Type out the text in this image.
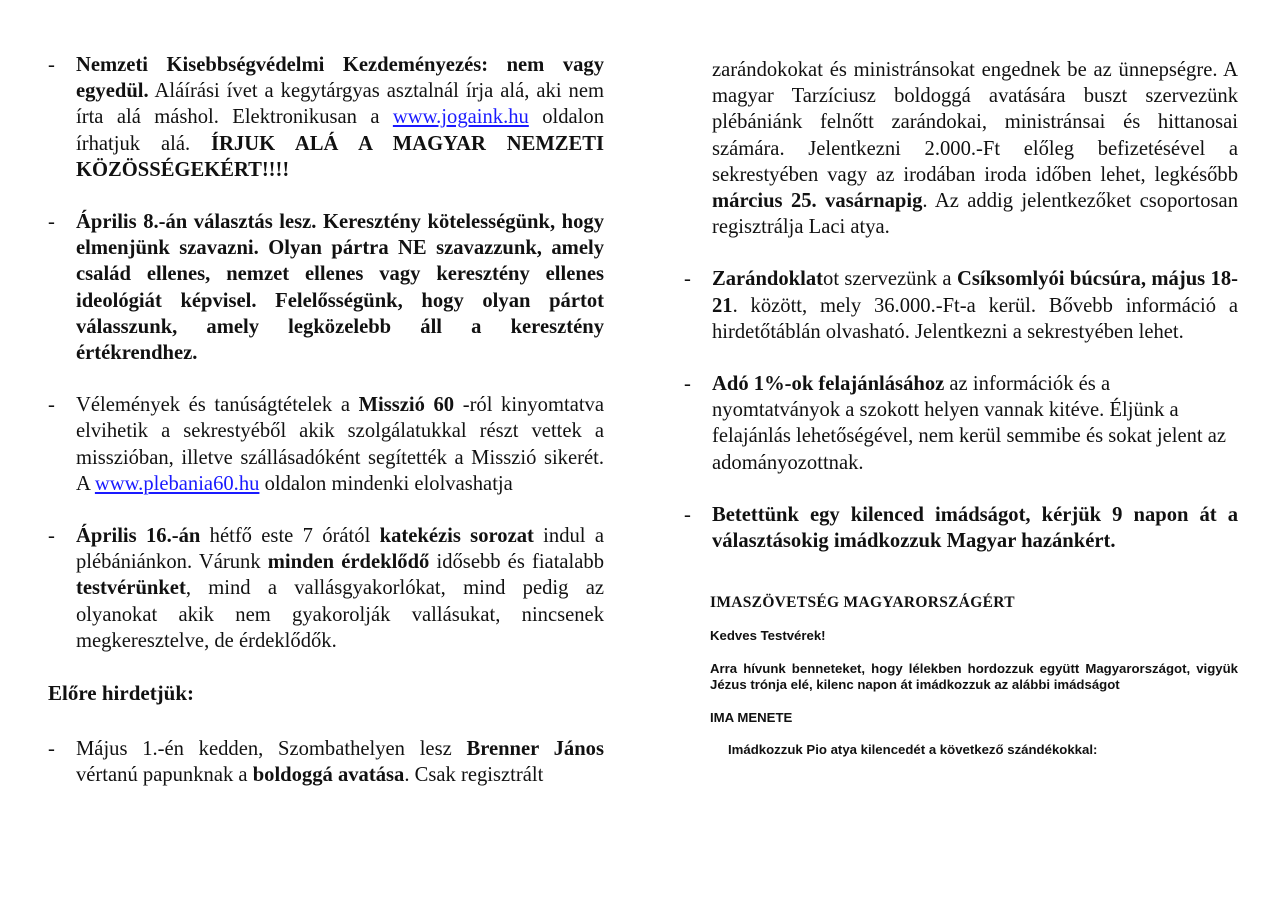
- Nemzeti Kisebbségvédelmi Kezdeményezés: nem vagy egyedül. Aláírási ívet a kegytárgyas asztalnál írja alá, aki nem írta alá máshol. Elektronikusan a www.jogaink.hu oldalon írhatjuk alá. ÍRJUK ALÁ A MAGYAR NEMZETI KÖZÖSSÉGEKÉRT!!!!
- Április 8.-án választás lesz. Keresztény kötelességünk, hogy elmenjünk szavazni. Olyan pártra NE szavazzunk, amely család ellenes, nemzet ellenes vagy keresztény ellenes ideológiát képvisel. Felelősségünk, hogy olyan pártot válasszunk, amely legközelebb áll a keresztény értékrendhez.
- Vélemények és tanúságtételek a Misszió 60 -ról kinyomtatva elvihetik a sekrestyéből akik szolgálatukkal részt vettek a misszióban, illetve szállásadóként segítették a Misszió sikerét. A www.plebania60.hu oldalon mindenki elolvashatja
- Április 16.-án hétfő este 7 órától katekézis sorozat indul a plébániánkon. Várunk minden érdeklődő idősebb és fiatalabb testvérünket, mind a vallásgyakorlókat, mind pedig az olyanokat akik nem gyakorolják vallásukat, nincsenek megkeresztelve, de érdeklődők.
Előre hirdetjük:
- Május 1.-én kedden, Szombathelyen lesz Brenner János vértanú papunknak a boldoggá avatása. Csak regisztrált
zarándokokat és ministránsokat engednek be az ünnepségre. A magyar Tarzíciusz boldoggá avatására buszt szervezünk plébániánk felnőtt zarándokai, ministránsai és hittanosai számára. Jelentkezni 2.000.-Ft előleg befizetésével a sekrestyében vagy az irodában iroda időben lehet, legkésőbb március 25. vasárnapig. Az addig jelentkezőket csoportosan regisztrálja Laci atya.
- Zarándoklatot szervezünk a Csíksomlyói búcsúra, május 18-21. között, mely 36.000.-Ft-a kerül. Bővebb információ a hirdetőtáblán olvasható. Jelentkezni a sekrestyében lehet.
- Adó 1%-ok felajánlásához az információk és a nyomtatványok a szokott helyen vannak kitéve. Éljünk a felajánlás lehetőségével, nem kerül semmibe és sokat jelent az adományozottnak.
- Betettünk egy kilenced imádságot, kérjük 9 napon át a választásokig imádkozzuk Magyar hazánkért.
IMASZÖVETSÉG MAGYARORSZÁGÉRT
Kedves Testvérek!
Arra hívunk benneteket, hogy lélekben hordozzuk együtt Magyarországot, vigyük Jézus trónja elé, kilenc napon át imádkozzuk az alábbi imádságot
IMA MENETE
Imádkozzuk Pio atya kilencedét a következő szándékokkal:
